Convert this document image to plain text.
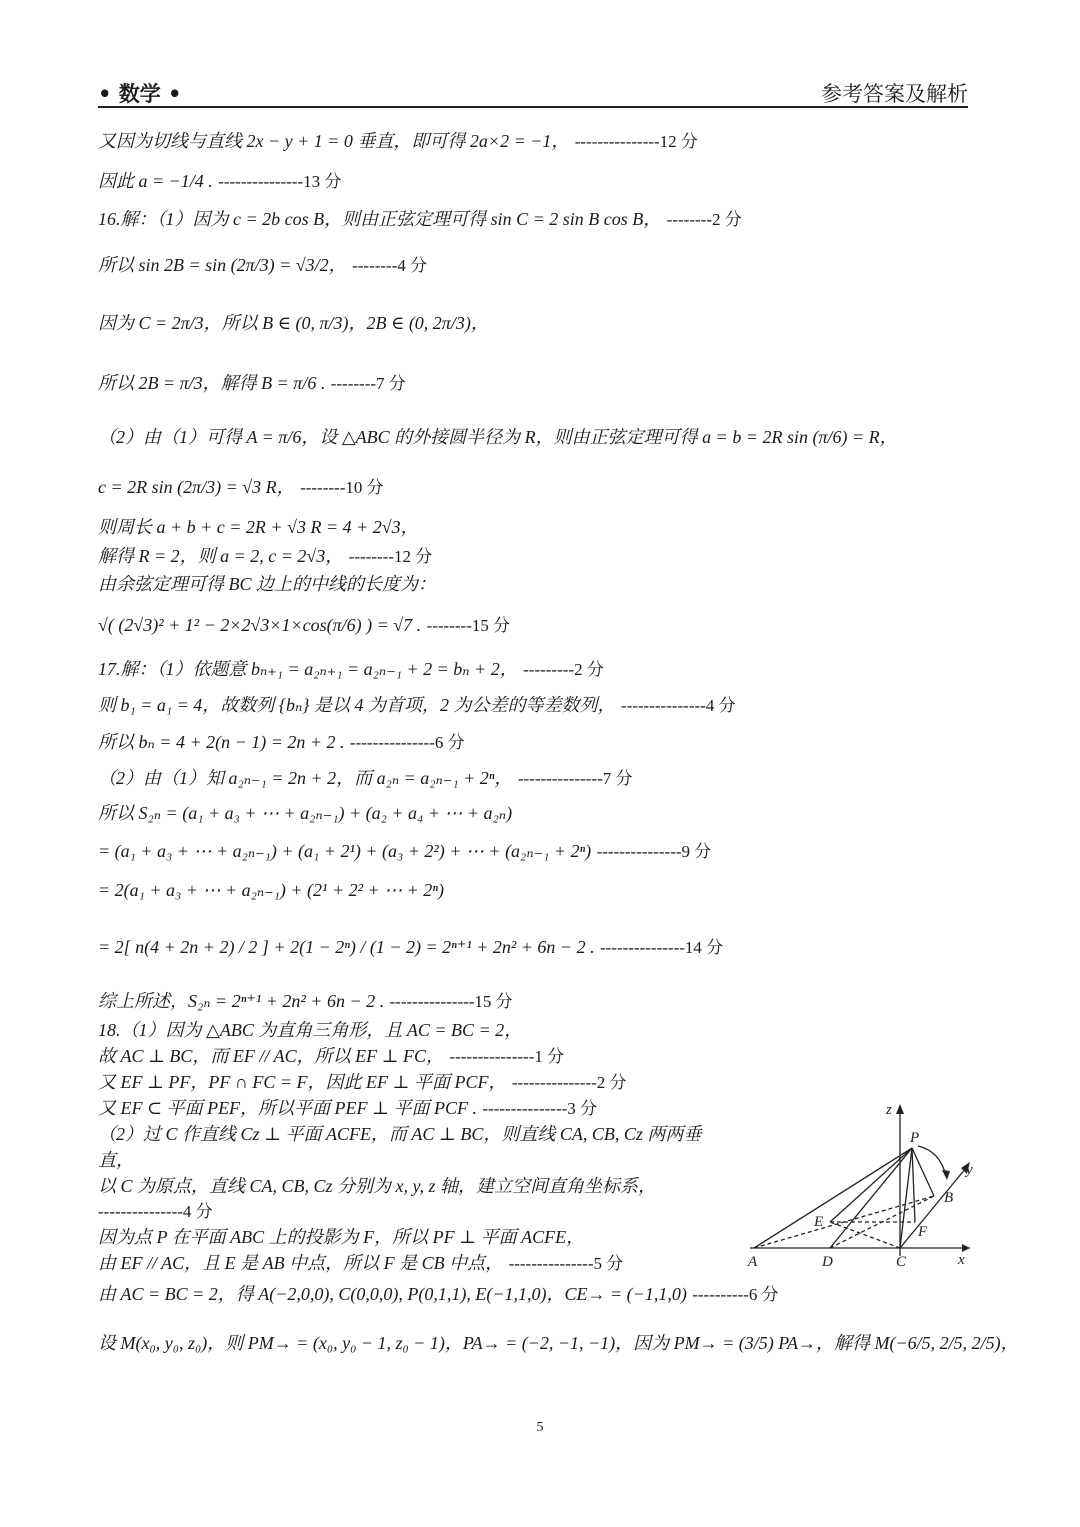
• 数学 •	参考答案及解析
又因为切线与直线 2x − y + 1 = 0 垂直，即可得 2a×2 = −1， ---------------12 分
因此 a = −1/4 . ---------------13 分
16.解：（1）因为 c = 2b cos B，则由正弦定理可得 sin C = 2 sin B cos B， --------2 分
所以 sin 2B = sin (2π/3) = √3/2， --------4 分
因为 C = 2π/3，所以 B ∈ (0, π/3)，2B ∈ (0, 2π/3)，
所以 2B = π/3，解得 B = π/6 . --------7 分
（2）由（1）可得 A = π/6，设 △ABC 的外接圆半径为 R，则由正弦定理可得 a = b = 2R sin (π/6) = R，
c = 2R sin (2π/3) = √3 R， --------10 分
则周长 a + b + c = 2R + √3 R = 4 + 2√3，
解得 R = 2，则 a = 2, c = 2√3， --------12 分
由余弦定理可得 BC 边上的中线的长度为：
√( (2√3)² + 1² − 2×2√3×1×cos(π/6) ) = √7 . --------15 分
17.解：（1）依题意 bₙ₊₁ = a₂ₙ₊₁ = a₂ₙ₋₁ + 2 = bₙ + 2， ---------2 分
则 b₁ = a₁ = 4，故数列 {bₙ} 是以 4 为首项，2 为公差的等差数列， ---------------4 分
所以 bₙ = 4 + 2(n − 1) = 2n + 2 . ---------------6 分
（2）由（1）知 a₂ₙ₋₁ = 2n + 2，而 a₂ₙ = a₂ₙ₋₁ + 2ⁿ， ---------------7 分
所以 S₂ₙ = (a₁ + a₃ + ⋯ + a₂ₙ₋₁) + (a₂ + a₄ + ⋯ + a₂ₙ)
= (a₁ + a₃ + ⋯ + a₂ₙ₋₁) + (a₁ + 2¹) + (a₃ + 2²) + ⋯ + (a₂ₙ₋₁ + 2ⁿ) ---------------9 分
= 2(a₁ + a₃ + ⋯ + a₂ₙ₋₁) + (2¹ + 2² + ⋯ + 2ⁿ)
= 2[ n(4 + 2n + 2) / 2 ] + 2(1 − 2ⁿ) / (1 − 2) = 2ⁿ⁺¹ + 2n² + 6n − 2 . ---------------14 分
综上所述，S₂ₙ = 2ⁿ⁺¹ + 2n² + 6n − 2 . ---------------15 分
18.（1）因为 △ABC 为直角三角形，且 AC = BC = 2，
故 AC ⊥ BC，而 EF // AC，所以 EF ⊥ FC， ---------------1 分
又 EF ⊥ PF，PF ∩ FC = F，因此 EF ⊥ 平面 PCF， ---------------2 分
又 EF ⊂ 平面 PEF，所以平面 PEF ⊥ 平面 PCF . ---------------3 分
（2）过 C 作直线 Cz ⊥ 平面 ACFE，而 AC ⊥ BC，则直线 CA, CB, Cz 两两垂
直，
以 C 为原点，直线 CA, CB, Cz 分别为 x, y, z 轴，建立空间直角坐标系，
---------------4 分
因为点 P 在平面 ABC 上的投影为 F，所以 PF ⊥ 平面 ACFE，
由 EF // AC，且 E 是 AB 中点，所以 F 是 CB 中点， ---------------5 分
由 AC = BC = 2，得 A(−2,0,0), C(0,0,0), P(0,1,1), E(−1,1,0)，CE→ = (−1,1,0) ----------6 分
设 M(x₀, y₀, z₀)，则 PM→ = (x₀, y₀ − 1, z₀ − 1)，PA→ = (−2, −1, −1)，因为 PM→ = (3/5) PA→，解得 M(−6/5, 2/5, 2/5)，
z
y
x
P
B
E
F
A	D	C
5
